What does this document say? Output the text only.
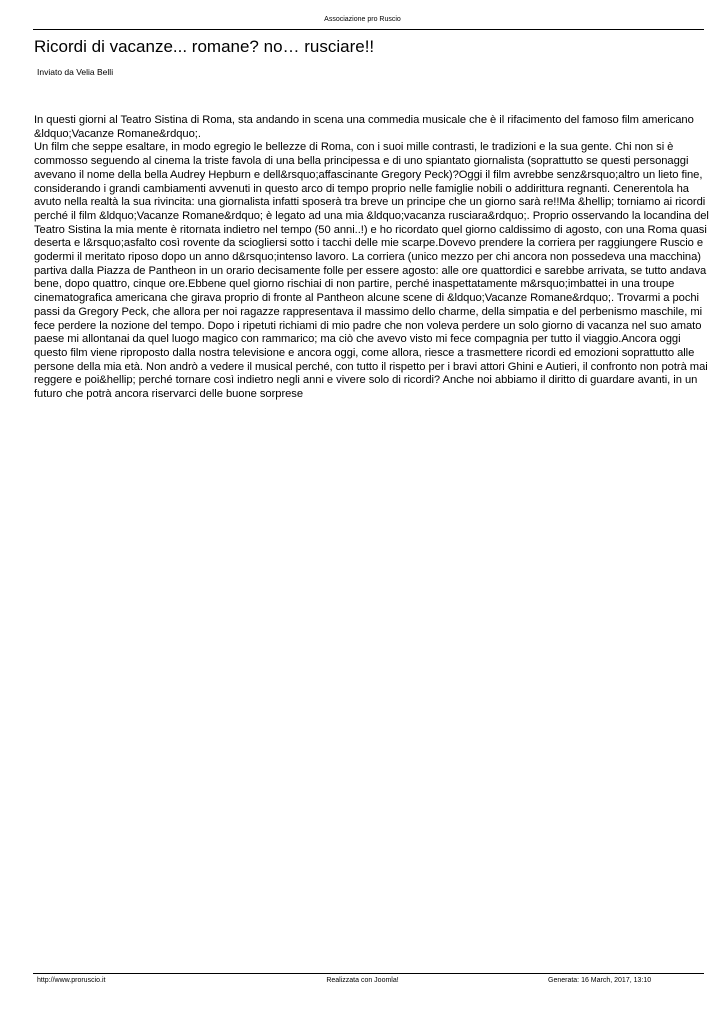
Associazione pro Ruscio
Ricordi di vacanze... romane? no… rusciare!!
Inviato da Velia Belli

In questi giorni al Teatro Sistina di Roma, sta andando in scena una commedia musicale che è il rifacimento del famoso film americano &ldquo;Vacanze Romane&rdquo;.

Un film che seppe esaltare, in modo egregio le bellezze di Roma, con i suoi mille contrasti, le tradizioni e la sua gente. Chi non si è commosso seguendo al cinema la triste favola di una bella principessa e di uno spiantato giornalista (soprattutto se questi personaggi avevano il nome della bella Audrey Hepburn e dell&rsquo;affascinante Gregory Peck)?Oggi il film avrebbe senz&rsquo;altro un lieto fine, considerando i grandi cambiamenti avvenuti in questo arco di tempo proprio nelle famiglie nobili o addirittura regnanti. Cenerentola ha avuto nella realtà la sua rivincita: una giornalista infatti sposerà tra breve un principe che un giorno sarà re!!Ma &hellip; torniamo ai ricordi perché il film &ldquo;Vacanze Romane&rdquo; è legato ad una mia &ldquo;vacanza rusciara&rdquo;. Proprio osservando la locandina del Teatro Sistina la mia mente è ritornata indietro nel tempo (50 anni..!) e ho ricordato quel giorno caldissimo di agosto, con una Roma quasi deserta e l&rsquo;asfalto così rovente da sciogliersi sotto i tacchi delle mie scarpe.Dovevo prendere la corriera per raggiungere Ruscio e godermi il meritato riposo dopo un anno d&rsquo;intenso lavoro. La corriera (unico mezzo per chi ancora non possedeva una macchina) partiva dalla Piazza de Pantheon in un orario decisamente folle per essere agosto: alle ore quattordici e sarebbe arrivata, se tutto andava bene, dopo quattro, cinque ore.Ebbene quel giorno rischiai di non partire, perché inaspettatamente m&rsquo;imbattei in una troupe cinematografica americana che girava proprio di fronte al Pantheon alcune scene di &ldquo;Vacanze Romane&rdquo;. Trovarmi a pochi passi da Gregory Peck, che allora per noi ragazze rappresentava il massimo dello charme, della simpatia e del perbenismo maschile, mi fece perdere la nozione del tempo. Dopo i ripetuti richiami di mio padre che non voleva perdere un solo giorno di vacanza nel suo amato paese mi allontanai da quel luogo magico con rammarico; ma ciò che avevo visto mi fece compagnia per tutto il viaggio.Ancora oggi questo film viene riproposto dalla nostra televisione e ancora oggi, come allora, riesce a trasmettere ricordi ed emozioni soprattutto alle persone della mia età. Non andrò a vedere il musical perché, con tutto il rispetto per i bravi attori Ghini e Autieri, il confronto non potrà mai reggere e poi&hellip; perché tornare così indietro negli anni e vivere solo di ricordi? Anche noi abbiamo il diritto di guardare avanti, in un futuro che potrà ancora riservarci delle buone sorprese

http://www.proruscio.it	Realizzata con Joomla!	Generata: 16 March, 2017, 13:10
